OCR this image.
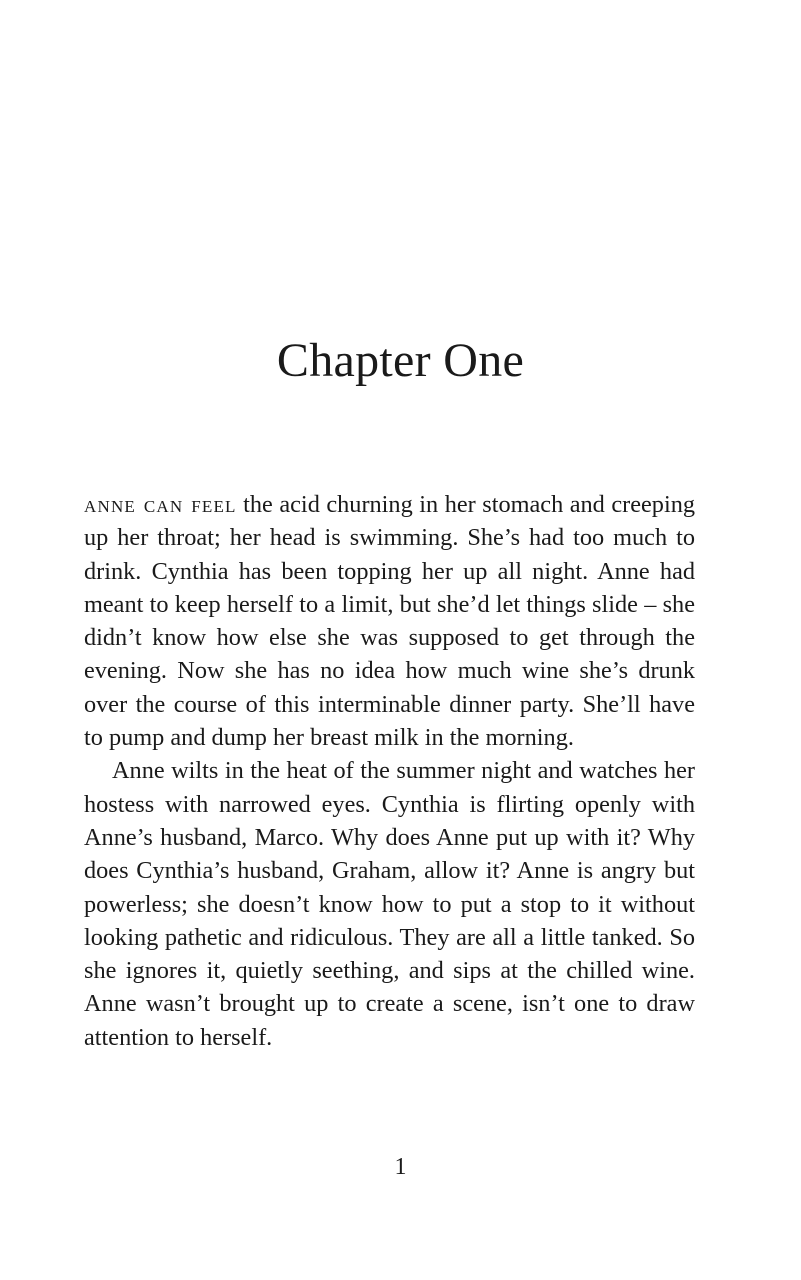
Chapter One

anne can feel the acid churning in her stomach and creeping up her throat; her head is swimming. She’s had too much to drink. Cynthia has been topping her up all night. Anne had meant to keep herself to a limit, but she’d let things slide – she didn’t know how else she was supposed to get through the evening. Now she has no idea how much wine she’s drunk over the course of this interminable dinner party. She’ll have to pump and dump her breast milk in the morning.

Anne wilts in the heat of the summer night and watches her hostess with narrowed eyes. Cynthia is flirting openly with Anne’s husband, Marco. Why does Anne put up with it? Why does Cynthia’s husband, Graham, allow it? Anne is angry but powerless; she doesn’t know how to put a stop to it without looking pathetic and ridiculous. They are all a little tanked. So she ignores it, quietly seething, and sips at the chilled wine. Anne wasn’t brought up to create a scene, isn’t one to draw attention to herself.

1
